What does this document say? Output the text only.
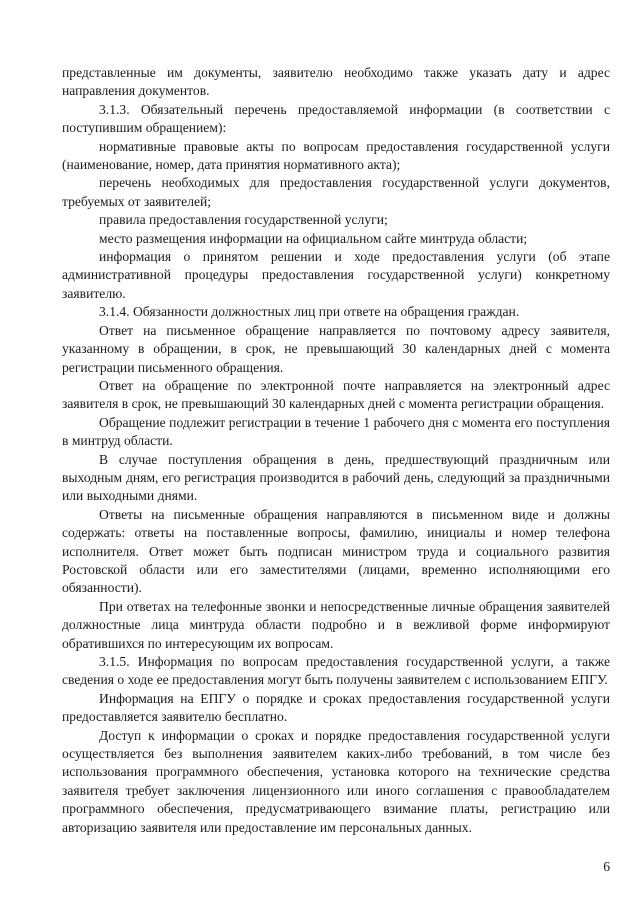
представленные им документы, заявителю необходимо также указать дату и адрес направления документов.

3.1.3. Обязательный перечень предоставляемой информации (в соответствии с поступившим обращением):

нормативные правовые акты по вопросам предоставления государственной услуги (наименование, номер, дата принятия нормативного акта);

перечень необходимых для предоставления государственной услуги документов, требуемых от заявителей;

правила предоставления государственной услуги;

место размещения информации на официальном сайте минтруда области;

информация о принятом решении и ходе предоставления услуги (об этапе административной процедуры предоставления государственной услуги) конкретному заявителю.

3.1.4. Обязанности должностных лиц при ответе на обращения граждан.

Ответ на письменное обращение направляется по почтовому адресу заявителя, указанному в обращении, в срок, не превышающий 30 календарных дней с момента регистрации письменного обращения.

Ответ на обращение по электронной почте направляется на электронный адрес заявителя в срок, не превышающий 30 календарных дней с момента регистрации обращения.

Обращение подлежит регистрации в течение 1 рабочего дня с момента его поступления в минтруд области.

В случае поступления обращения в день, предшествующий праздничным или выходным дням, его регистрация производится в рабочий день, следующий за праздничными или выходными днями.

Ответы на письменные обращения направляются в письменном виде и должны содержать: ответы на поставленные вопросы, фамилию, инициалы и номер телефона исполнителя. Ответ может быть подписан министром труда и социального развития Ростовской области или его заместителями (лицами, временно исполняющими его обязанности).

При ответах на телефонные звонки и непосредственные личные обращения заявителей должностные лица минтруда области подробно и в вежливой форме информируют обратившихся по интересующим их вопросам.

3.1.5. Информация по вопросам предоставления государственной услуги, а также сведения о ходе ее предоставления могут быть получены заявителем с использованием ЕПГУ.

Информация на ЕПГУ о порядке и сроках предоставления государственной услуги предоставляется заявителю бесплатно.

Доступ к информации о сроках и порядке предоставления государственной услуги осуществляется без выполнения заявителем каких-либо требований, в том числе без использования программного обеспечения, установка которого на технические средства заявителя требует заключения лицензионного или иного соглашения с правообладателем программного обеспечения, предусматривающего взимание платы, регистрацию или авторизацию заявителя или предоставление им персональных данных.

6
